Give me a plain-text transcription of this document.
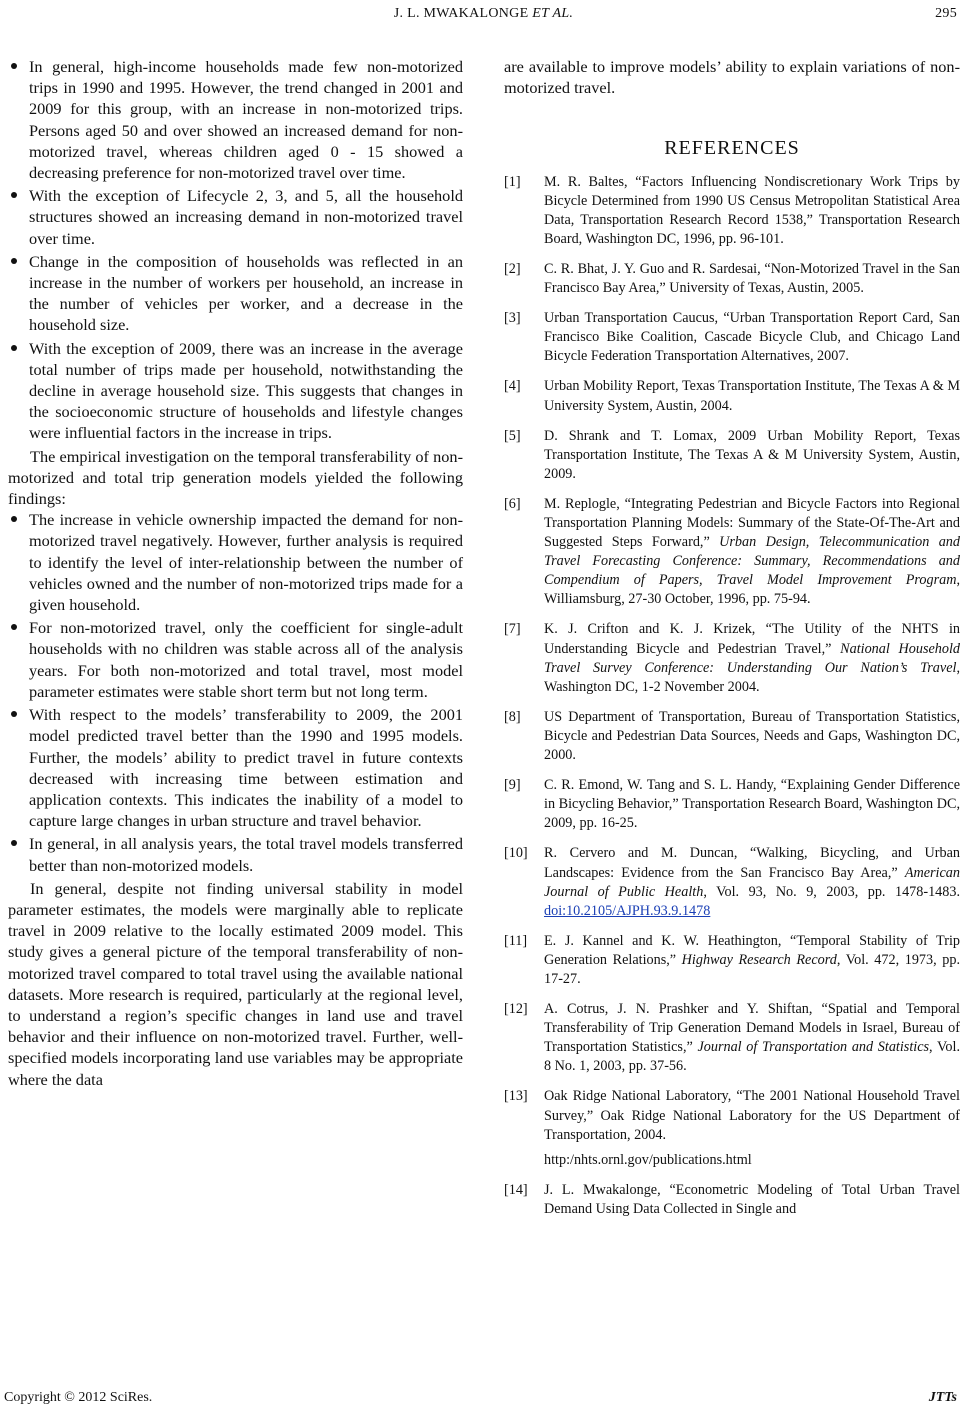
J. L. MWAKALONGE ET AL.	295
In general, high-income households made few non-motorized trips in 1990 and 1995. However, the trend changed in 2001 and 2009 for this group, with an increase in non-motorized trips. Persons aged 50 and over showed an increased demand for non-motorized travel, whereas children aged 0 - 15 showed a decreasing preference for non-motorized travel over time.
With the exception of Lifecycle 2, 3, and 5, all the household structures showed an increasing demand in non-motorized travel over time.
Change in the composition of households was reflected in an increase in the number of workers per household, an increase in the number of vehicles per worker, and a decrease in the household size.
With the exception of 2009, there was an increase in the average total number of trips made per household, notwithstanding the decline in average household size. This suggests that changes in the socioeconomic structure of households and lifestyle changes were influential factors in the increase in trips.

The empirical investigation on the temporal transferability of non-motorized and total trip generation models yielded the following findings:

The increase in vehicle ownership impacted the demand for non-motorized travel negatively. However, further analysis is required to identify the level of inter-relationship between the number of vehicles owned and the number of non-motorized trips made for a given household.
For non-motorized travel, only the coefficient for single-adult households with no children was stable across all of the analysis years. For both non-motorized and total travel, most model parameter estimates were stable short term but not long term.
With respect to the models’ transferability to 2009, the 2001 model predicted travel better than the 1990 and 1995 models. Further, the models’ ability to predict travel in future contexts decreased with increasing time between estimation and application contexts. This indicates the inability of a model to capture large changes in urban structure and travel behavior.
In general, in all analysis years, the total travel models transferred better than non-motorized models.

In general, despite not finding universal stability in model parameter estimates, the models were marginally able to replicate travel in 2009 relative to the locally estimated 2009 model. This study gives a general picture of the temporal transferability of non-motorized travel compared to total travel using the available national datasets. More research is required, particularly at the regional level, to understand a region’s specific changes in land use and travel behavior and their influence on non-motorized travel. Further, well-specified models incorporating land use variables may be appropriate where the data

are available to improve models’ ability to explain variations of non-motorized travel.

REFERENCES
[1] M. R. Baltes, “Factors Influencing Nondiscretionary Work Trips by Bicycle Determined from 1990 US Census Metropolitan Statistical Area Data, Transportation Research Record 1538,” Transportation Research Board, Washington DC, 1996, pp. 96-101.
[2] C. R. Bhat, J. Y. Guo and R. Sardesai, “Non-Motorized Travel in the San Francisco Bay Area,” University of Texas, Austin, 2005.
[3] Urban Transportation Caucus, “Urban Transportation Report Card, San Francisco Bike Coalition, Cascade Bicycle Club, and Chicago Land Bicycle Federation Transportation Alternatives, 2007.
[4] Urban Mobility Report, Texas Transportation Institute, The Texas A & M University System, Austin, 2004.
[5] D. Shrank and T. Lomax, 2009 Urban Mobility Report, Texas Transportation Institute, The Texas A & M University System, Austin, 2009.
[6] M. Replogle, “Integrating Pedestrian and Bicycle Factors into Regional Transportation Planning Models: Summary of the State-Of-The-Art and Suggested Steps Forward,” Urban Design, Telecommunication and Travel Forecasting Conference: Summary, Recommendations and Compendium of Papers, Travel Model Improvement Program, Williamsburg, 27-30 October, 1996, pp. 75-94.
[7] K. J. Crifton and K. J. Krizek, “The Utility of the NHTS in Understanding Bicycle and Pedestrian Travel,” National Household Travel Survey Conference: Understanding Our Nation’s Travel, Washington DC, 1-2 November 2004.
[8] US Department of Transportation, Bureau of Transportation Statistics, Bicycle and Pedestrian Data Sources, Needs and Gaps, Washington DC, 2000.
[9] C. R. Emond, W. Tang and S. L. Handy, “Explaining Gender Difference in Bicycling Behavior,” Transportation Research Board, Washington DC, 2009, pp. 16-25.
[10] R. Cervero and M. Duncan, “Walking, Bicycling, and Urban Landscapes: Evidence from the San Francisco Bay Area,” American Journal of Public Health, Vol. 93, No. 9, 2003, pp. 1478-1483. doi:10.2105/AJPH.93.9.1478
[11] E. J. Kannel and K. W. Heathington, “Temporal Stability of Trip Generation Relations,” Highway Research Record, Vol. 472, 1973, pp. 17-27.
[12] A. Cotrus, J. N. Prashker and Y. Shiftan, “Spatial and Temporal Transferability of Trip Generation Demand Models in Israel, Bureau of Transportation Statistics,” Journal of Transportation and Statistics, Vol. 8 No. 1, 2003, pp. 37-56.
[13] Oak Ridge National Laboratory, “The 2001 National Household Travel Survey,” Oak Ridge National Laboratory for the US Department of Transportation, 2004.
http:/nhts.ornl.gov/publications.html
[14] J. L. Mwakalonge, “Econometric Modeling of Total Urban Travel Demand Using Data Collected in Single and
Copyright © 2012 SciRes.	JTTs
